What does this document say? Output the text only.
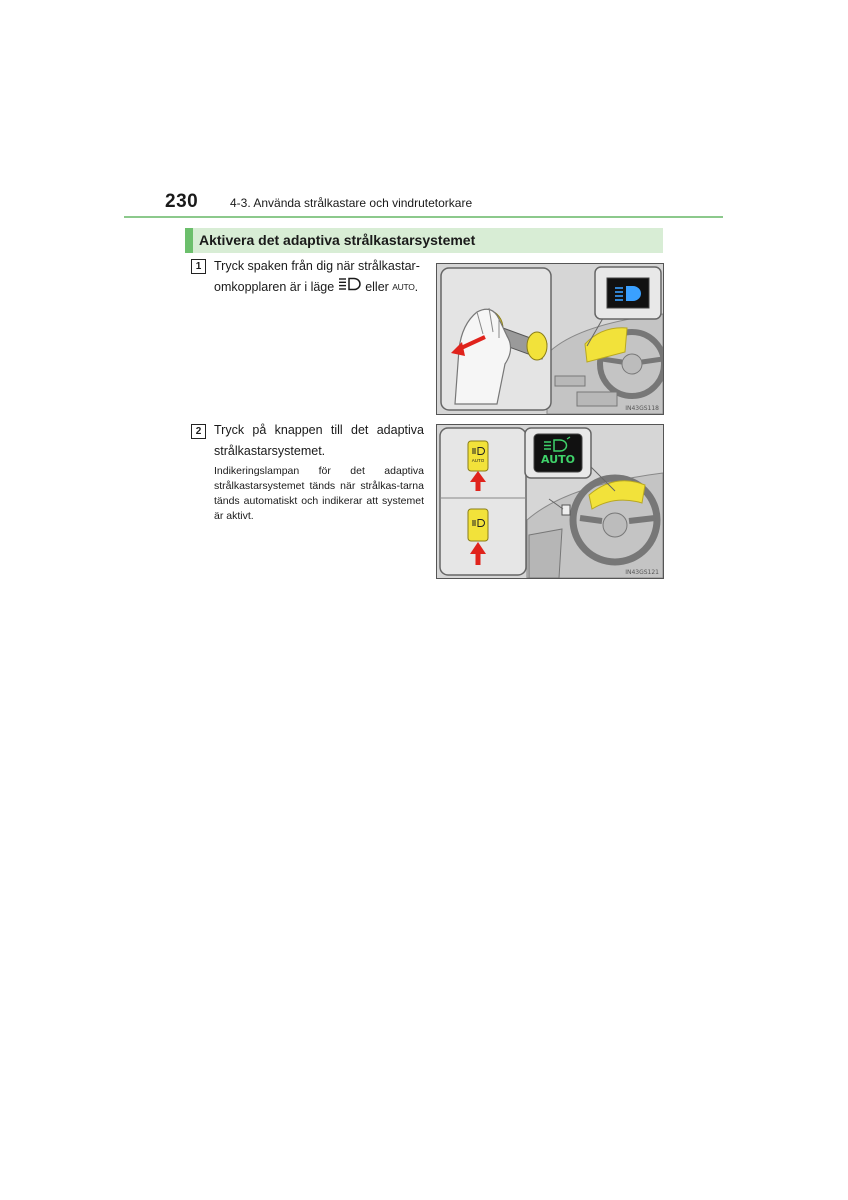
230	4-3. Använda strålkastare och vindrutetorkare
Aktivera det adaptiva strålkastarsystemet
1	Tryck spaken från dig när strålkastar-
omkopplaren är i läge eller AUTO.
IN43GS118
2	Tryck på knappen till det adaptiva strålkastarsystemet.
Indikeringslampan för det adaptiva strålkastarsystemet tänds när strålkas-tarna tänds automatiskt och indikerar att systemet är aktivt.
AUTO
AUTO
IN43GS121
